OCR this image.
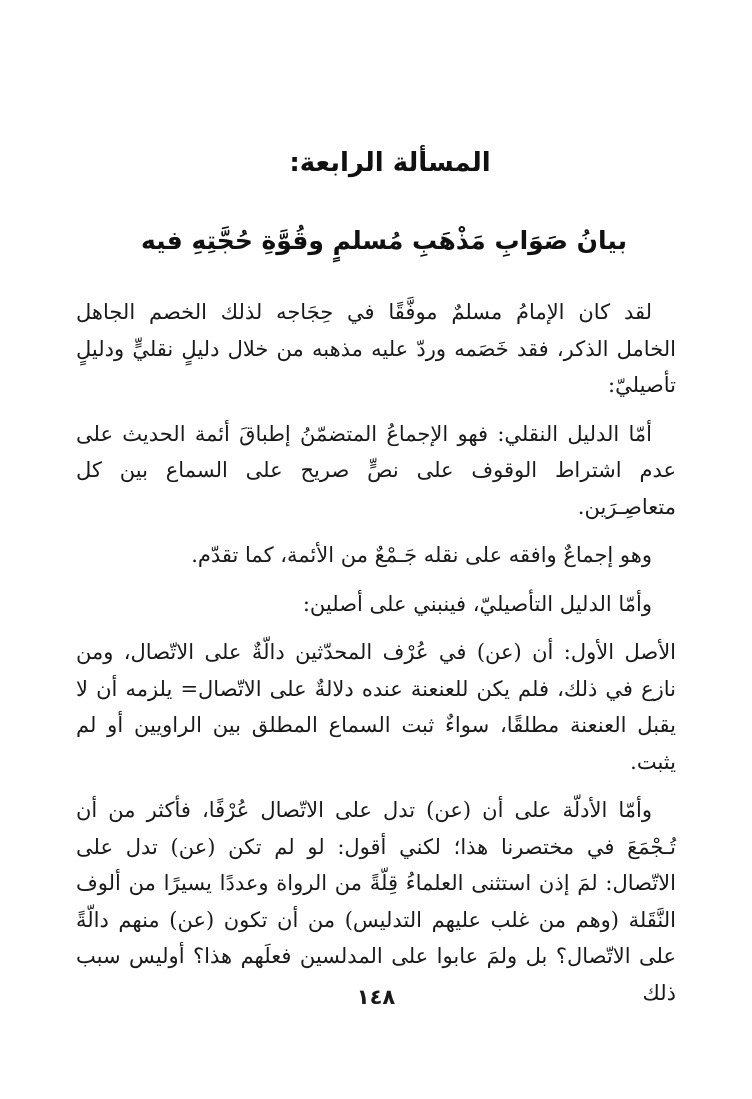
المسألة الرابعة:
بيانُ صَوَابِ مَذْهَبِ مُسلمٍ وقُوَّةِ حُجَّتِهِ فيه

لقد كان الإمامُ مسلمٌ موفَّقًا في حِجَاجه لذلك الخصم الجاهل الخامل الذكر، فقد خَصَمه وردّ عليه مذهبه من خلال دليلٍ نقليٍّ ودليلٍ تأصيليّ:

أمّا الدليل النقلي: فهو الإجماعُ المتضمّنُ إطباقَ أئمة الحديث على عدم اشتراط الوقوف على نصٍّ صريح على السماع بين كل متعاصِـرَين.

وهو إجماعٌ وافقه على نقله جَـمْعٌ من الأئمة، كما تقدّم.

وأمّا الدليل التأصيليّ، فينبني على أصلين:

الأصل الأول: أن (عن) في عُرْف المحدّثين دالّةٌ على الاتّصال، ومن نازع في ذلك، فلم يكن للعنعنة عنده دلالةٌ على الاتّصال= يلزمه أن لا يقبل العنعنة مطلقًا، سواءٌ ثبت السماع المطلق بين الراويين أو لم يثبت.

وأمّا الأدلّة على أن (عن) تدل على الاتّصال عُرْفًا، فأكثر من أن تُـجْمَعَ في مختصرنا هذا؛ لكني أقول: لو لم تكن (عن) تدل على الاتّصال: لمَ إذن استثنى العلماءُ قِلّةً من الرواة وعددًا يسيرًا من ألوف النَّقَلة (وهم من غلب عليهم التدليس) من أن تكون (عن) منهم دالّةً على الاتّصال؟ بل ولمَ عابوا على المدلسين فعلَهم هذا؟ أوليس سبب ذلك

١٤٨
